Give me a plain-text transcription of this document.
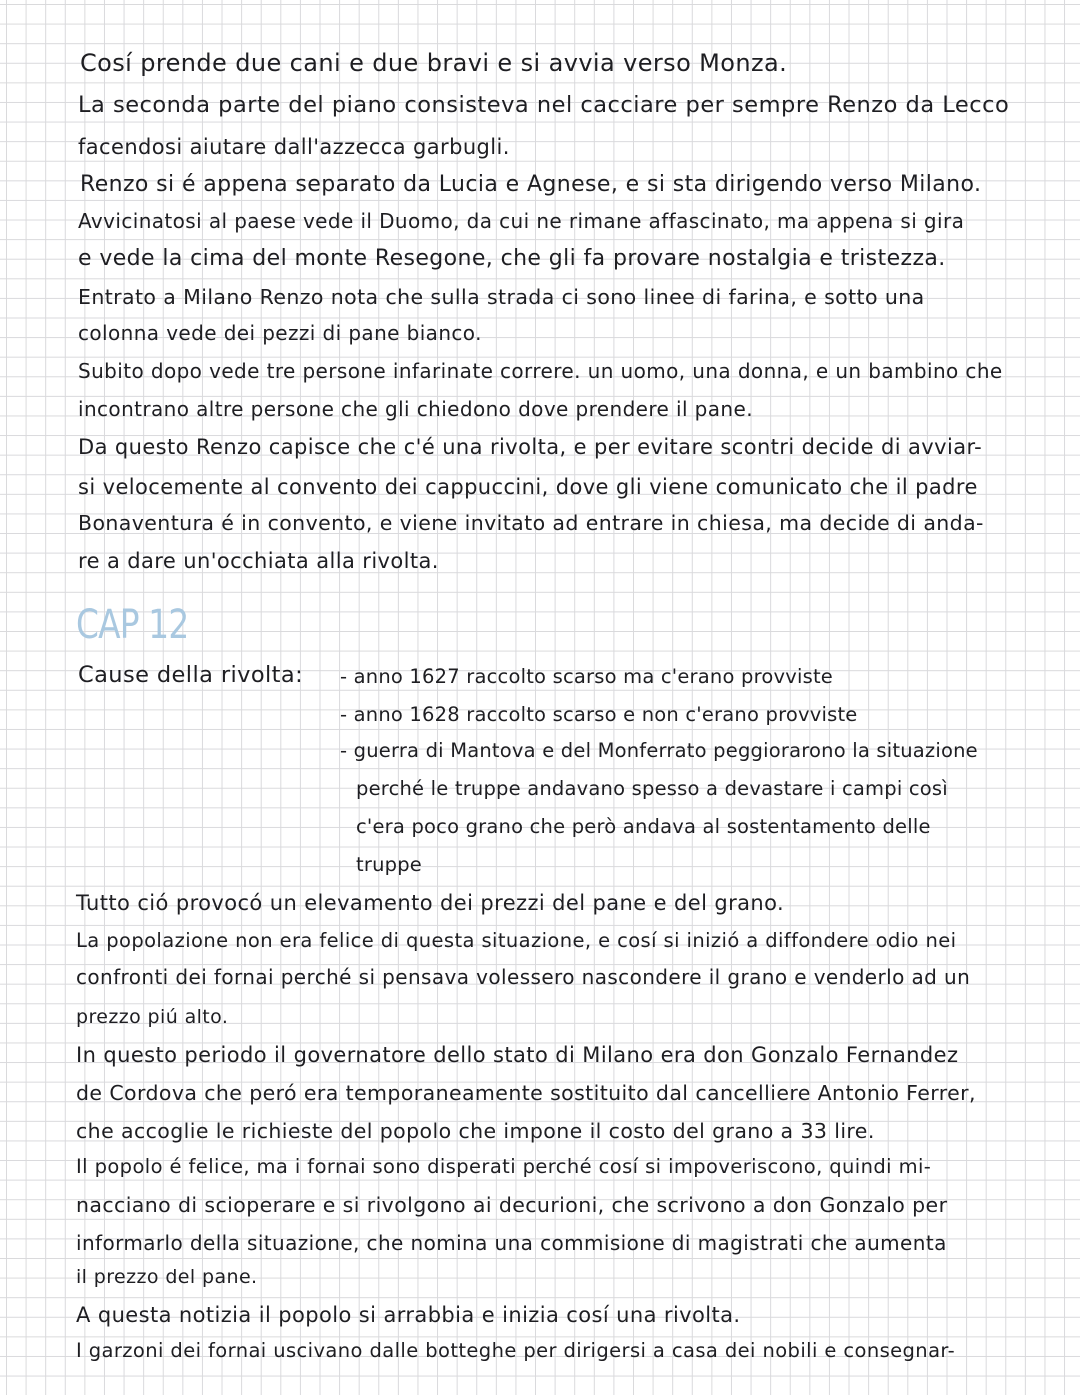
Cosí prende due cani e due bravi e si avvia verso Monza.
La seconda parte del piano consisteva nel cacciare per sempre Renzo da Lecco
facendosi aiutare dall'azzecca garbugli.
Renzo si é appena separato da Lucia e Agnese, e si sta dirigendo verso Milano.
Avvicinatosi al paese vede il Duomo, da cui ne rimane affascinato, ma appena si gira
e vede la cima del monte Resegone, che gli fa provare nostalgia e tristezza.
Entrato a Milano Renzo nota che sulla strada ci sono linee di farina, e sotto una
colonna vede dei pezzi di pane bianco.
Subito dopo vede tre persone infarinate correre. un uomo, una donna, e un bambino che
incontrano altre persone che gli chiedono dove prendere il pane.
Da questo Renzo capisce che c'é una rivolta, e per evitare scontri decide di avviar-
si velocemente al convento dei cappuccini, dove gli viene comunicato che il padre
Bonaventura é in convento, e viene invitato ad entrare in chiesa, ma decide di anda-
re a dare un'occhiata alla rivolta.
CAP 12
Cause della rivolta: - anno 1627 raccolto scarso ma c'erano provviste
- anno 1628 raccolto scarso e non c'erano provviste
- guerra di Mantova e del Monferrato peggiorarono la situazione
perché le truppe andavano spesso a devastare i campi così
c'era poco grano che però andava al sostentamento delle
truppe
Tutto ció provocó un elevamento dei prezzi del pane e del grano.
La popolazione non era felice di questa situazione, e cosí si inizió a diffondere odio nei
confronti dei fornai perché si pensava volessero nascondere il grano e venderlo ad un
prezzo piú alto.
In questo periodo il governatore dello stato di Milano era don Gonzalo Fernandez
de Cordova che peró era temporaneamente sostituito dal cancelliere Antonio Ferrer,
che accoglie le richieste del popolo che impone il costo del grano a 33 lire.
Il popolo é felice, ma i fornai sono disperati perché cosí si impoveriscono, quindi mi-
nacciano di scioperare e si rivolgono ai decurioni, che scrivono a don Gonzalo per
informarlo della situazione, che nomina una commisione di magistrati che aumenta
il prezzo del pane.
A questa notizia il popolo si arrabbia e inizia cosí una rivolta.
I garzoni dei fornai uscivano dalle botteghe per dirigersi a casa dei nobili e consegnar-
